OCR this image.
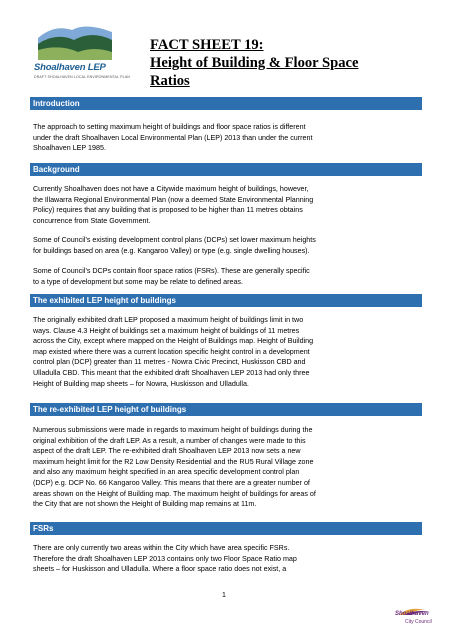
Shoalhaven LEP
DRAFT SHOALHAVEN LOCAL ENVIRONMENTAL PLAN
FACT SHEET 19:
Height of Building & Floor Space
Ratios
Introduction
The approach to setting maximum height of buildings and floor space ratios is different
under the draft Shoalhaven Local Environmental Plan (LEP) 2013 than under the current
Shoalhaven LEP 1985.
Background
Currently Shoalhaven does not have a Citywide maximum height of buildings, however,
the Illawarra Regional Environmental Plan (now a deemed State Environmental Planning
Policy) requires that any building that is proposed to be higher than 11 metres obtains
concurrence from State Government.
Some of Council’s existing development control plans (DCPs) set lower maximum heights
for buildings based on area (e.g. Kangaroo Valley) or type (e.g. single dwelling houses).
Some of Council’s DCPs contain floor space ratios (FSRs). These are generally specific
to a type of development but some may be relate to defined areas.
The exhibited LEP height of buildings
The originally exhibited draft LEP proposed a maximum height of buildings limit in two
ways. Clause 4.3 Height of buildings set a maximum height of buildings of 11 metres
across the City, except where mapped on the Height of Buildings map. Height of Building
map existed where there was a current location specific height control in a development
control plan (DCP) greater than 11 metres - Nowra Civic Precinct, Huskisson CBD and
Ulladulla CBD. This meant that the exhibited draft Shoalhaven LEP 2013 had only three
Height of Building map sheets – for Nowra, Huskisson and Ulladulla.
The re-exhibited LEP height of buildings
Numerous submissions were made in regards to maximum height of buildings during the
original exhibition of the draft LEP. As a result, a number of changes were made to this
aspect of the draft LEP. The re-exhibited draft Shoalhaven LEP 2013 now sets a new
maximum height limit for the R2 Low Density Residential and the RU5 Rural Village zone
and also any maximum height specified in an area specific development control plan
(DCP) e.g. DCP No. 66 Kangaroo Valley. This means that there are a greater number of
areas shown on the Height of Building map. The maximum height of buildings for areas of
the City that are not shown the Height of Building map remains at 11m.
FSRs
There are only currently two areas within the City which have area specific FSRs.
Therefore the draft Shoalhaven LEP 2013 contains only two Floor Space Ratio map
sheets – for Huskisson and Ulladulla. Where a floor space ratio does not exist, a
1
Shoalhaven
City Council
